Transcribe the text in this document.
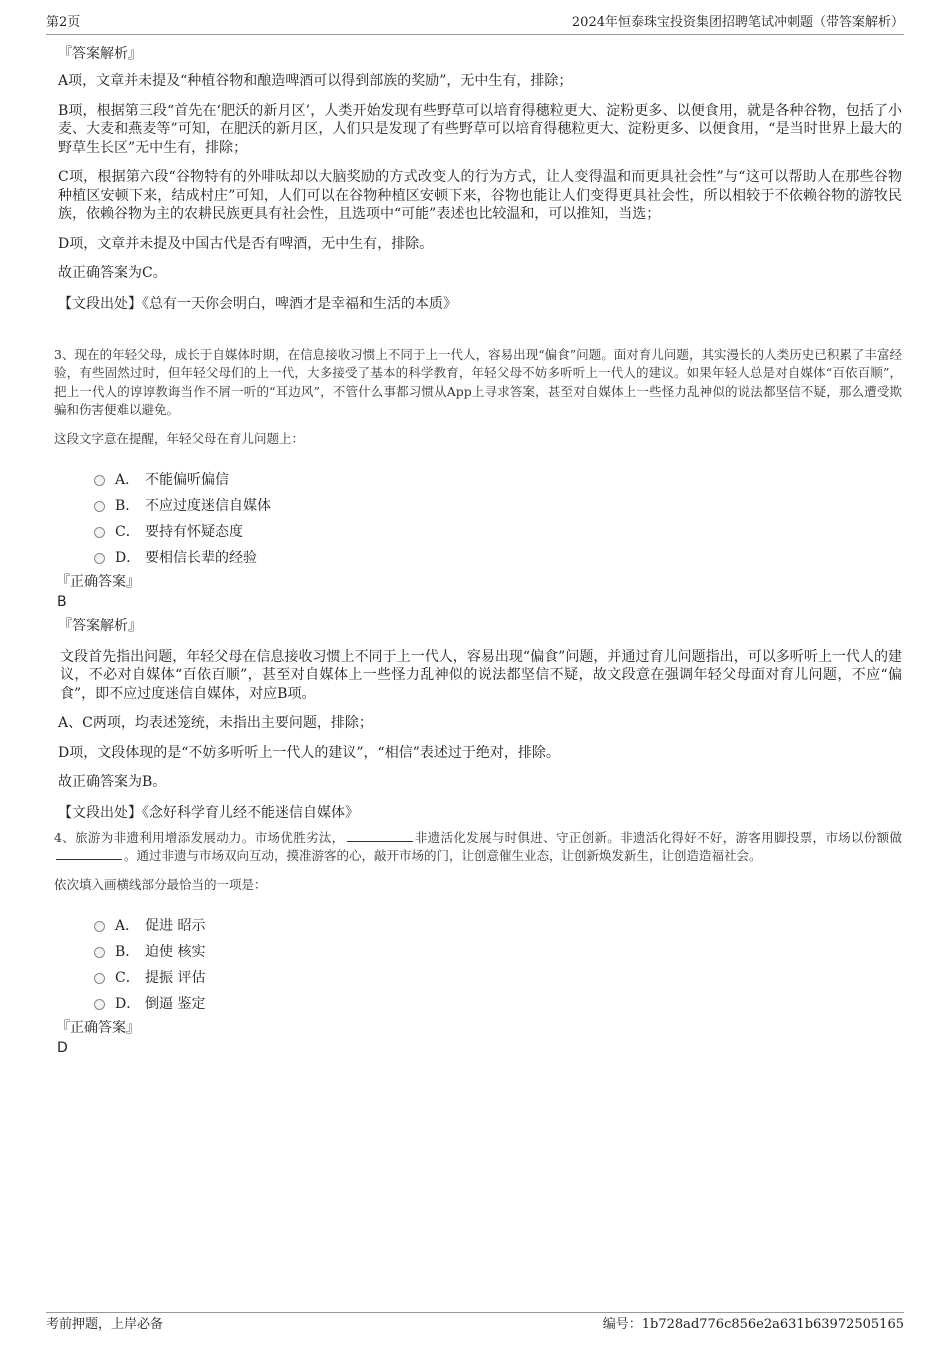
第2页	2024年恒泰珠宝投资集团招聘笔试冲刺题（带答案解析）
『答案解析』

A项，文章并未提及“种植谷物和酿造啤酒可以得到部族的奖励”，无中生有，排除；

B项，根据第三段“首先在‘肥沃的新月区’，人类开始发现有些野草可以培育得穗粒更大、淀粉更多、以便食用，就是各种谷物，包括了小麦、大麦和燕麦等”可知，在肥沃的新月区，人们只是发现了有些野草可以培育得穗粒更大、淀粉更多、以便食用，“是当时世界上最大的野草生长区”无中生有，排除；

C项，根据第六段“谷物特有的外啡呔却以大脑奖励的方式改变人的行为方式，让人变得温和而更具社会性”与“这可以帮助人在那些谷物种植区安顿下来，结成村庄”可知，人们可以在谷物种植区安顿下来，谷物也能让人们变得更具社会性，所以相较于不依赖谷物的游牧民族，依赖谷物为主的农耕民族更具有社会性，且选项中“可能”表述也比较温和，可以推知，当选；

D项，文章并未提及中国古代是否有啤酒，无中生有，排除。

故正确答案为C。

【文段出处】《总有一天你会明白，啤酒才是幸福和生活的本质》

3、现在的年轻父母，成长于自媒体时期，在信息接收习惯上不同于上一代人，容易出现“偏食”问题。面对育儿问题，其实漫长的人类历史已积累了丰富经验，有些固然过时，但年轻父母们的上一代，大多接受了基本的科学教育，年轻父母不妨多听听上一代人的建议。如果年轻人总是对自媒体“百依百顺”，把上一代人的谆谆教诲当作不屑一听的“耳边风”，不管什么事都习惯从App上寻求答案，甚至对自媒体上一些怪力乱神似的说法都坚信不疑，那么遭受欺骗和伤害便难以避免。

这段文字意在提醒，年轻父母在育儿问题上：

A． 不能偏听偏信
B． 不应过度迷信自媒体
C． 要持有怀疑态度
D． 要相信长辈的经验
『正确答案』
B
『答案解析』

文段首先指出问题，年轻父母在信息接收习惯上不同于上一代人，容易出现“偏食”问题，并通过育儿问题指出，可以多听听上一代人的建议，不必对自媒体“百依百顺”，甚至对自媒体上一些怪力乱神似的说法都坚信不疑，故文段意在强调年轻父母面对育儿问题，不应“偏食”，即不应过度迷信自媒体，对应B项。

A、C两项，均表述笼统，未指出主要问题，排除；

D项，文段体现的是“不妨多听听上一代人的建议”，“相信”表述过于绝对，排除。

故正确答案为B。

【文段出处】《念好科学育儿经不能迷信自媒体》

4、旅游为非遗利用增添发展动力。市场优胜劣汰，	非遗活化发展与时俱进、守正创新。非遗活化得好不好，游客用脚投票，市场以份额做。通过非遗与市场双向互动，摸准游客的心，敲开市场的门，让创意催生业态，让创新焕发新生，让创造造福社会。

依次填入画横线部分最恰当的一项是：

A． 促进 昭示
B． 迫使 核实
C． 提振 评估
D． 倒逼 鉴定
『正确答案』
D
考前押题，上岸必备	编号：1b728ad776c856e2a631b63972505165
